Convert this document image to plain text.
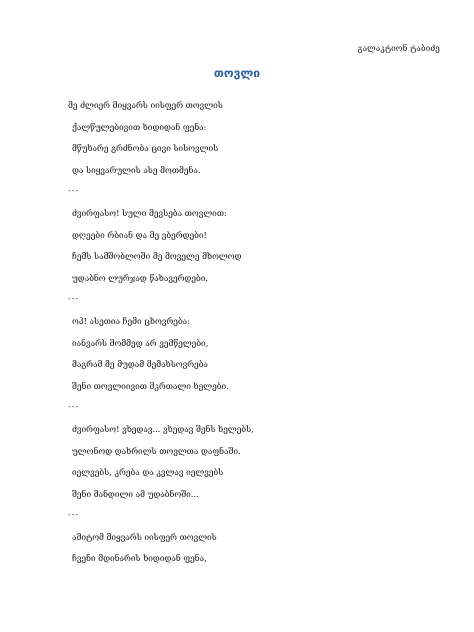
გალაკტიონ ტაბიძე
თოვლი
მე ძლიერ მიყვარს იისფერ თოვლის
ქალწულებივით ხიდიდან ფენა:
მწუხარე გრძნობა ცივი სისოვლის
და სიყვარულის ასე მოთმენა.
---
ძვირფასო! სული მევსება თოვლით:
დღეები რბიან და მე ვბერდები!
ჩემს სამშობლოში მე მოველე მხოლოდ
უდაბნო ლურჯად წახავერდები.
---
ოჰ! ასეთია ჩემი ცხოვრება:
იანვარს მომმედ არ ვემწელები,
მაგრამ მე მუდამ მემახსოვრება
შენი თოვლიივით მკრთალი ხელები.
---
ძვირფასო! ვხედავ... ვხედავ შენს ხელებს,
ულონოდ დახრილს თოვლთა დაფნაში.
იელვებს, კრება და კვლავ იელვებს
შენი მანდილი ამ უდაბნოში...
---
ამიტომ მიყვარს იისფერ თოვლის
ჩვენი მდინარის ხიდიდან ფენა,
